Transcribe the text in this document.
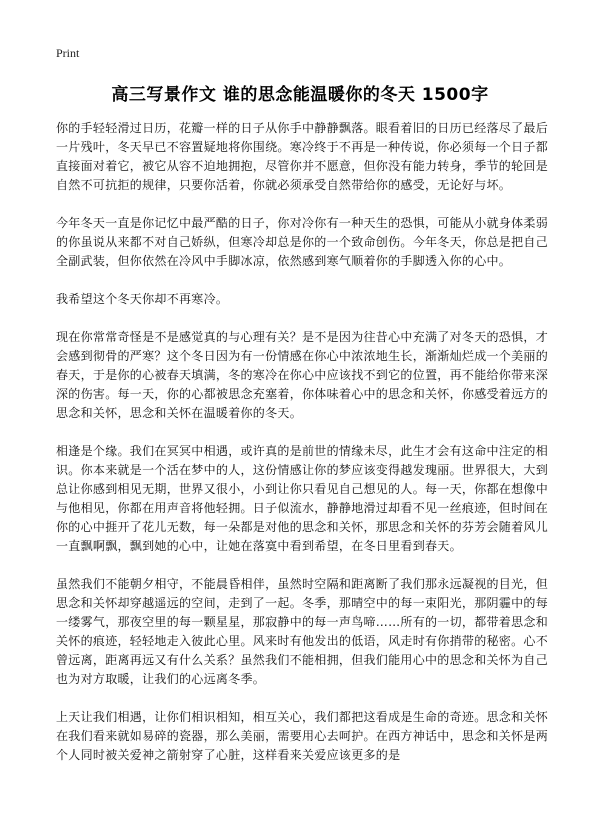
Print
高三写景作文 谁的思念能温暖你的冬天 1500字

你的手轻轻滑过日历，花瓣一样的日子从你手中静静飘落。眼看着旧的日历已经落尽了最后一片残叶，冬天早已不容置疑地将你围绕。寒冷终于不再是一种传说，你必须每一个日子都直接面对着它，被它从容不迫地拥抱，尽管你并不愿意，但你没有能力转身，季节的轮回是自然不可抗拒的规律，只要你活着，你就必须承受自然带给你的感受，无论好与坏。

今年冬天一直是你记忆中最严酷的日子，你对冷你有一种天生的恐惧，可能从小就身体柔弱的你虽说从来都不对自己娇纵，但寒冷却总是你的一个致命创伤。今年冬天，你总是把自己全副武装，但你依然在冷风中手脚冰凉，依然感到寒气顺着你的手脚透入你的心中。

我希望这个冬天你却不再寒冷。

现在你常常奇怪是不是感觉真的与心理有关？是不是因为往昔心中充满了对冬天的恐惧，才会感到彻骨的严寒？这个冬日因为有一份情感在你心中浓浓地生长，渐渐灿烂成一个美丽的春天，于是你的心被春天填满，冬的寒冷在你心中应该找不到它的位置，再不能给你带来深深的伤害。每一天，你的心都被思念充塞着，你体味着心中的思念和关怀，你感受着远方的思念和关怀，思念和关怀在温暖着你的冬天。

相逢是个缘。我们在冥冥中相遇，或许真的是前世的情缘未尽，此生才会有这命中注定的相识。你本来就是一个活在梦中的人，这份情感让你的梦应该变得越发瑰丽。世界很大，大到总让你感到相见无期，世界又很小，小到让你只看见自己想见的人。每一天，你都在想像中与他相见，你都在用声音将他轻拥。日子似流水，静静地滑过却看不见一丝痕迹，但时间在你的心中捱开了花儿无数，每一朵都是对他的思念和关怀，那思念和关怀的芬芳会随着风儿一直飘啊飘，飘到她的心中，让她在落寞中看到希望，在冬日里看到春天。

虽然我们不能朝夕相守，不能晨昏相伴，虽然时空隔和距离断了我们那永远凝视的目光，但思念和关怀却穿越遥远的空间，走到了一起。冬季，那晴空中的每一束阳光，那阴霾中的每一缕雾气，那夜空里的每一颗星星，那寂静中的每一声鸟啼……所有的一切，都带着思念和关怀的痕迹，轻轻地走入彼此心里。风来时有他发出的低语，风走时有你捎带的秘密。心不曾远离，距离再远又有什么关系？虽然我们不能相拥，但我们能用心中的思念和关怀为自己也为对方取暖，让我们的心远离冬季。

上天让我们相遇，让你们相识相知，相互关心，我们都把这看成是生命的奇迹。思念和关怀在我们看来就如易碎的瓷器，那么美丽，需要用心去呵护。在西方神话中，思念和关怀是两个人同时被关爱神之箭射穿了心脏，这样看来关爱应该更多的是
